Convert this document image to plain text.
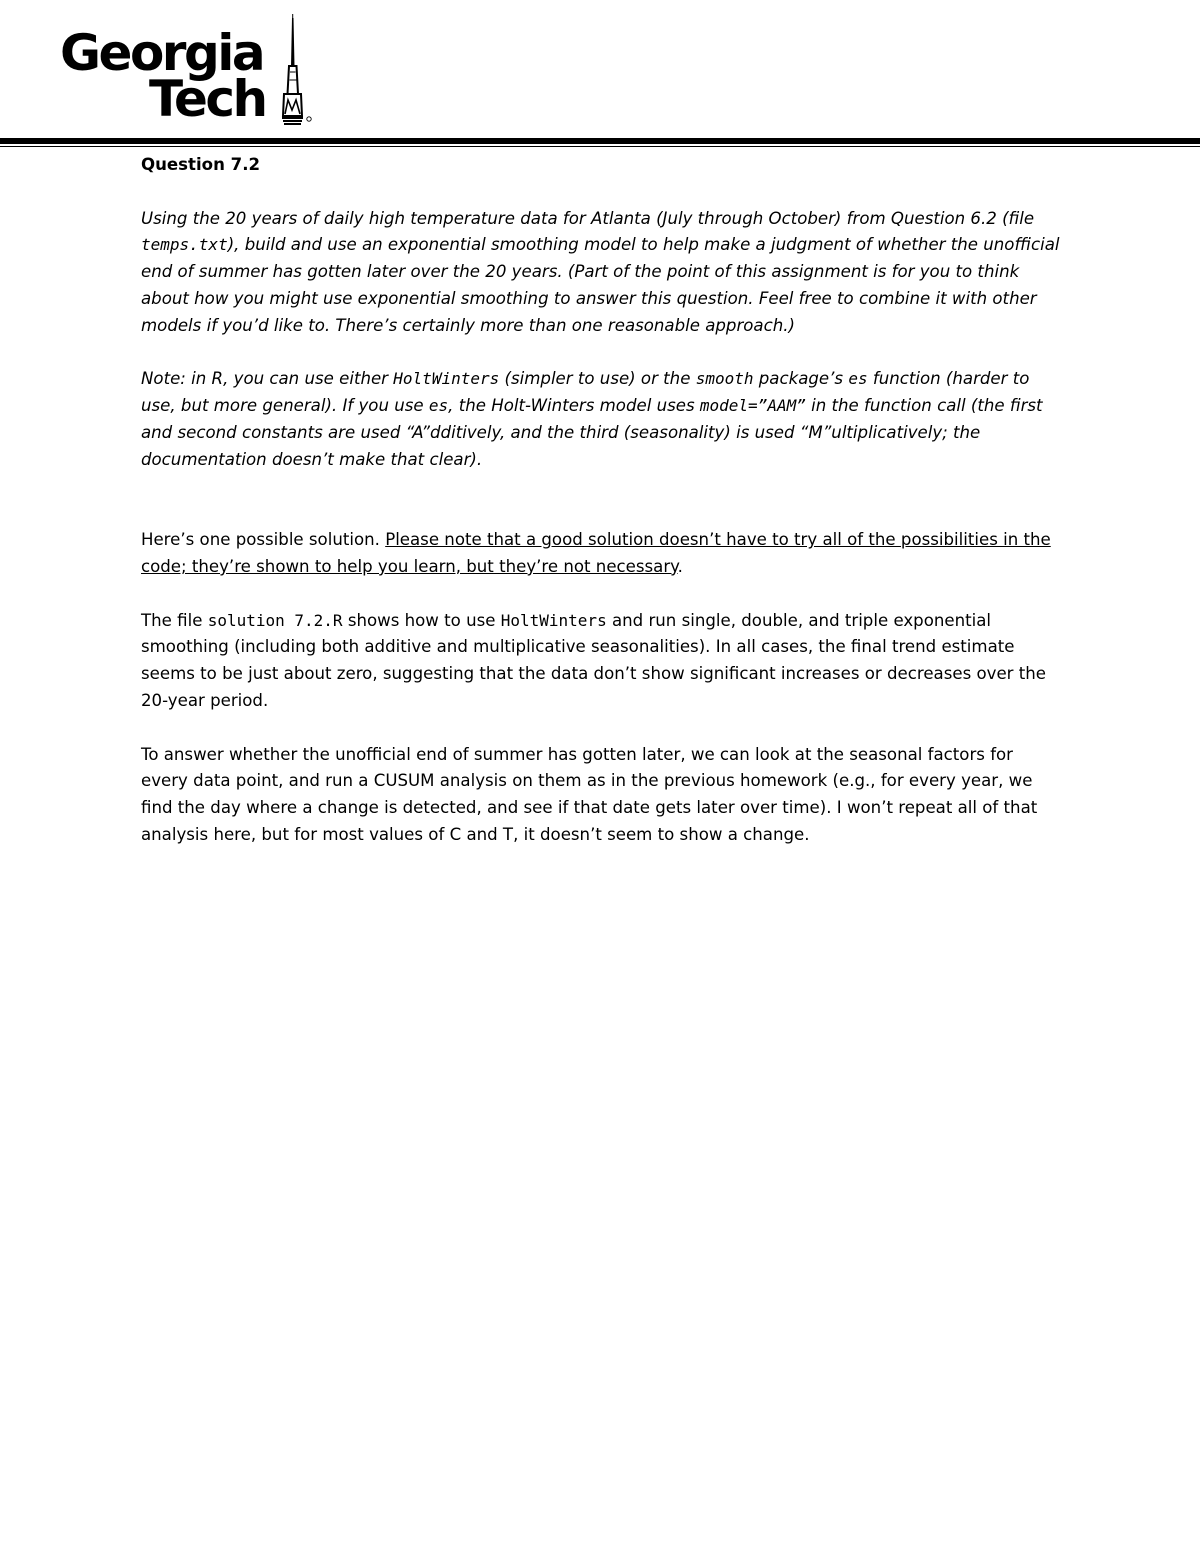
Georgia
Tech

Question 7.2

Using the 20 years of daily high temperature data for Atlanta (July through October) from Question 6.2 (file temps.txt), build and use an exponential smoothing model to help make a judgment of whether the unofficial end of summer has gotten later over the 20 years. (Part of the point of this assignment is for you to think about how you might use exponential smoothing to answer this question. Feel free to combine it with other models if you’d like to. There’s certainly more than one reasonable approach.)

Note: in R, you can use either HoltWinters (simpler to use) or the smooth package’s es function (harder to use, but more general). If you use es, the Holt-Winters model uses model=”AAM” in the function call (the first and second constants are used “A”dditively, and the third (seasonality) is used “M”ultiplicatively; the documentation doesn’t make that clear).

Here’s one possible solution. Please note that a good solution doesn’t have to try all of the possibilities in the code; they’re shown to help you learn, but they’re not necessary.

The file solution 7.2.R shows how to use HoltWinters and run single, double, and triple exponential smoothing (including both additive and multiplicative seasonalities). In all cases, the final trend estimate seems to be just about zero, suggesting that the data don’t show significant increases or decreases over the 20-year period.

To answer whether the unofficial end of summer has gotten later, we can look at the seasonal factors for every data point, and run a CUSUM analysis on them as in the previous homework (e.g., for every year, we find the day where a change is detected, and see if that date gets later over time). I won’t repeat all of that analysis here, but for most values of C and T, it doesn’t seem to show a change.
